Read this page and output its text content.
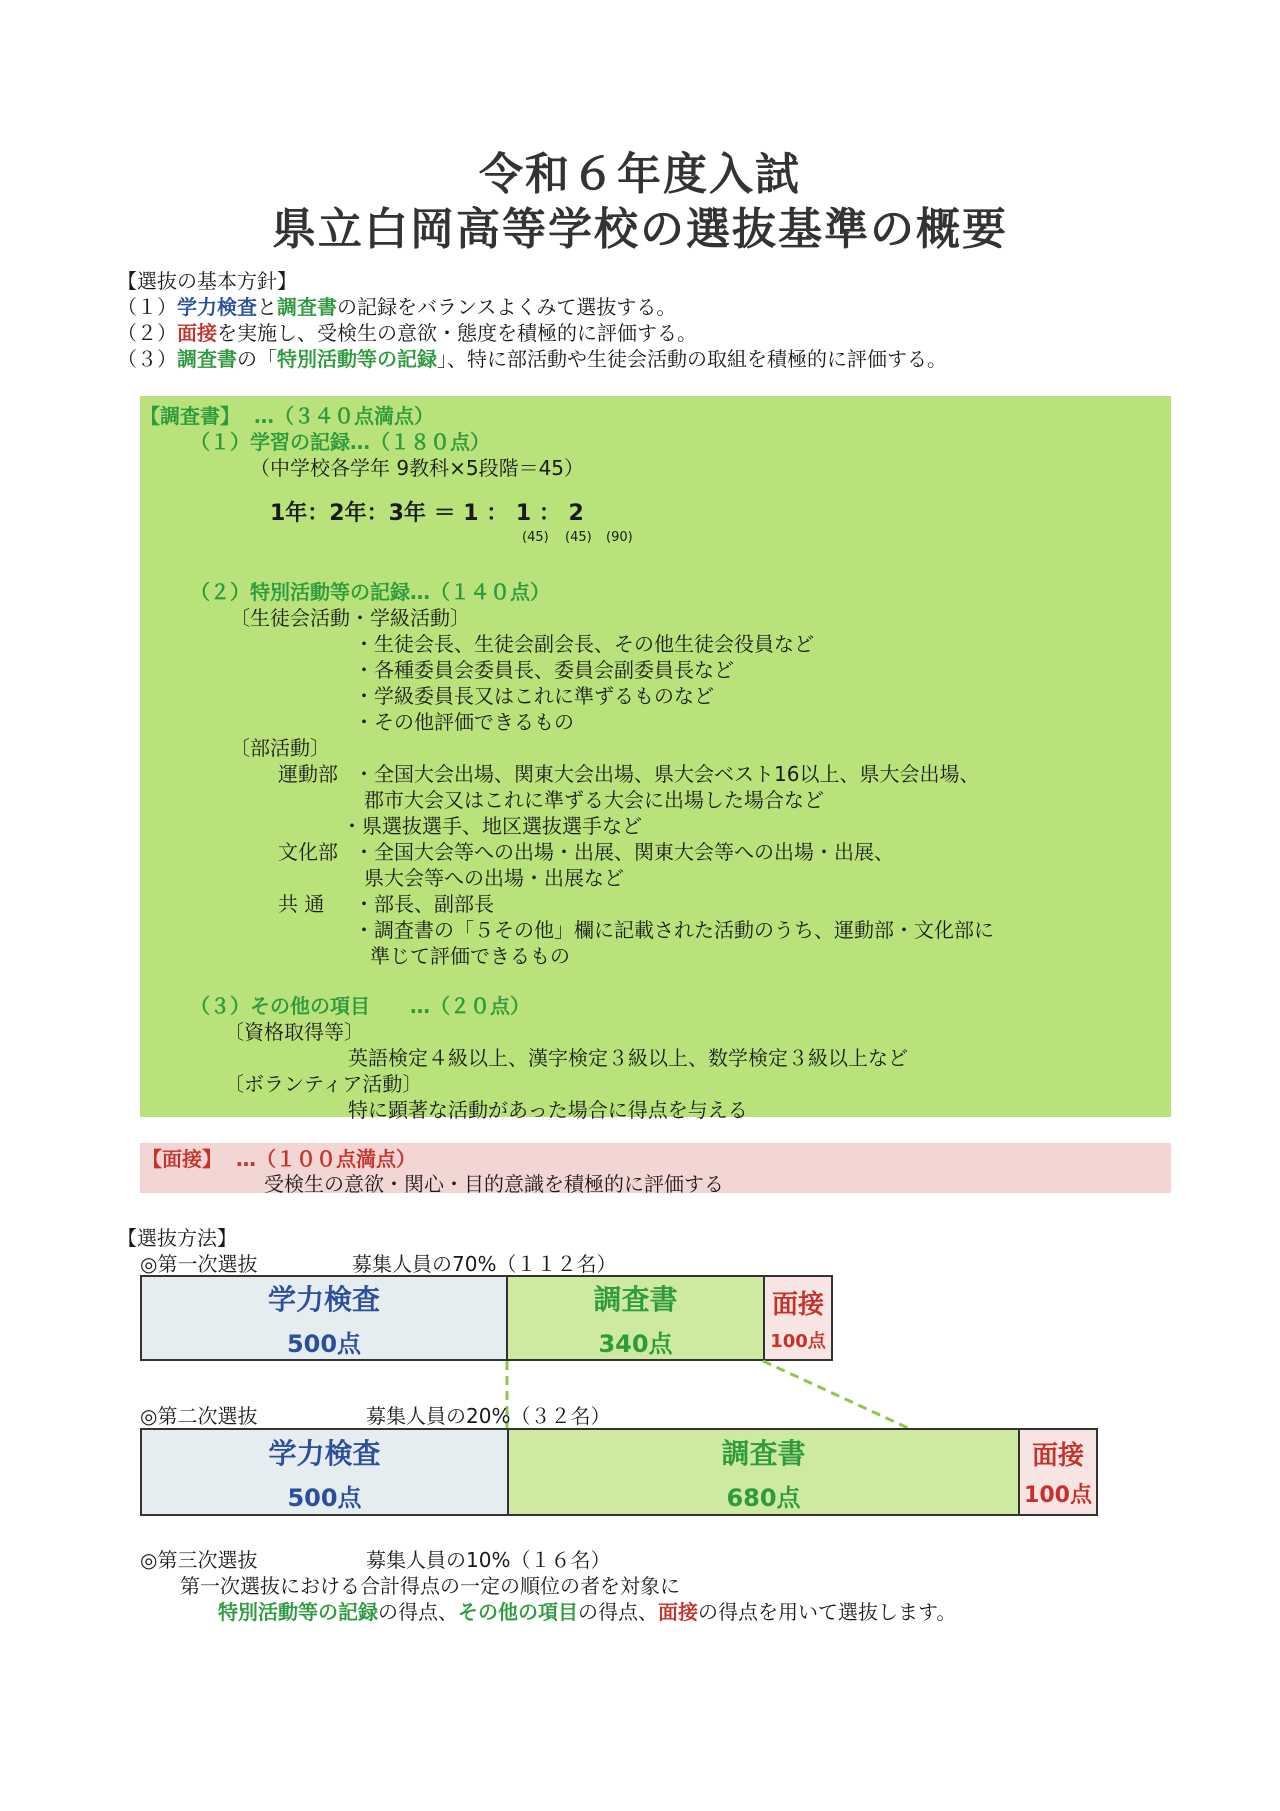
令和６年度入試
県立白岡高等学校の選抜基準の概要
【選抜の基本方針】
（１）学力検査と調査書の記録をバランスよくみて選抜する。
（２）面接を実施し、受検生の意欲・態度を積極的に評価する。
（３）調査書の「特別活動等の記録」、特に部活動や生徒会活動の取組を積極的に評価する。
【調査書】 …（３４０点満点）
（１）学習の記録…（１８０点）
（中学校各学年 9教科×5段階＝45）
1年：2年：3年 ＝ 1 ： 1 ： 2
(45) (45) (90)
（２）特別活動等の記録…（１４０点）
〔生徒会活動・学級活動〕
・生徒会長、生徒会副会長、その他生徒会役員など
・各種委員会委員長、委員会副委員長など
・学級委員長又はこれに準ずるものなど
・その他評価できるもの
〔部活動〕
運動部 ・全国大会出場、関東大会出場、県大会ベスト16以上、県大会出場、
郡市大会又はこれに準ずる大会に出場した場合など
・県選抜選手、地区選抜選手など
文化部 ・全国大会等への出場・出展、関東大会等への出場・出展、
県大会等への出場・出展など
共 通 ・部長、副部長
・調査書の「５その他」欄に記載された活動のうち、運動部・文化部に
準じて評価できるもの
（３）その他の項目 …（２０点）
〔資格取得等〕
英語検定４級以上、漢字検定３級以上、数学検定３級以上など
〔ボランティア活動〕
特に顕著な活動があった場合に得点を与える
【面接】 …（１００点満点）
受検生の意欲・関心・目的意識を積極的に評価する
【選抜方法】
◎第一次選抜	募集人員の70%（１１２名）
学力検査
500点
調査書
340点
面接
100点
◎第二次選抜	募集人員の20%（３２名）
学力検査
500点
調査書
680点
面接
100点
◎第三次選抜	募集人員の10%（１６名）
第一次選抜における合計得点の一定の順位の者を対象に
特別活動等の記録の得点、その他の項目の得点、面接の得点を用いて選抜します。
